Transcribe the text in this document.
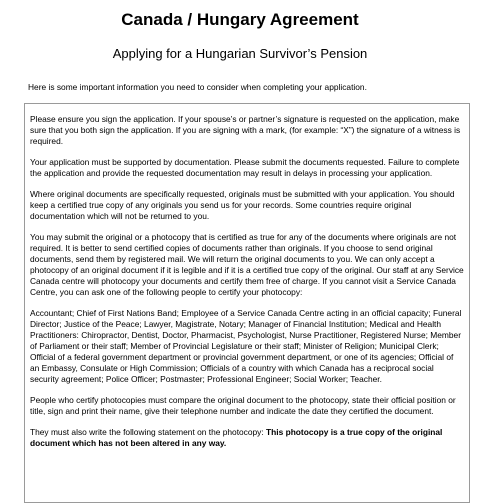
Canada / Hungary Agreement
Applying for a Hungarian Survivor’s Pension
Here is some important information you need to consider when completing your application.

Please ensure you sign the application. If your spouse’s or partner’s signature is requested on the application, make sure that you both sign the application. If you are signing with a mark, (for example: “X”) the signature of a witness is required.

Your application must be supported by documentation. Please submit the documents requested. Failure to complete the application and provide the requested documentation may result in delays in processing your application.

Where original documents are specifically requested, originals must be submitted with your application. You should keep a certified true copy of any originals you send us for your records. Some countries require original documentation which will not be returned to you.

You may submit the original or a photocopy that is certified as true for any of the documents where originals are not required. It is better to send certified copies of documents rather than originals. If you choose to send original documents, send them by registered mail. We will return the original documents to you. We can only accept a photocopy of an original document if it is legible and if it is a certified true copy of the original. Our staff at any Service Canada centre will photocopy your documents and certify them free of charge. If you cannot visit a Service Canada Centre, you can ask one of the following people to certify your photocopy:

Accountant; Chief of First Nations Band; Employee of a Service Canada Centre acting in an official capacity; Funeral Director; Justice of the Peace; Lawyer, Magistrate, Notary; Manager of Financial Institution; Medical and Health Practitioners: Chiropractor, Dentist, Doctor, Pharmacist, Psychologist, Nurse Practitioner, Registered Nurse; Member of Parliament or their staff; Member of Provincial Legislature or their staff; Minister of Religion; Municipal Clerk; Official of a federal government department or provincial government department, or one of its agencies; Official of an Embassy, Consulate or High Commission; Officials of a country with which Canada has a reciprocal social security agreement; Police Officer; Postmaster; Professional Engineer; Social Worker; Teacher.

People who certify photocopies must compare the original document to the photocopy, state their official position or title, sign and print their name, give their telephone number and indicate the date they certified the document.

They must also write the following statement on the photocopy: This photocopy is a true copy of the original document which has not been altered in any way.
